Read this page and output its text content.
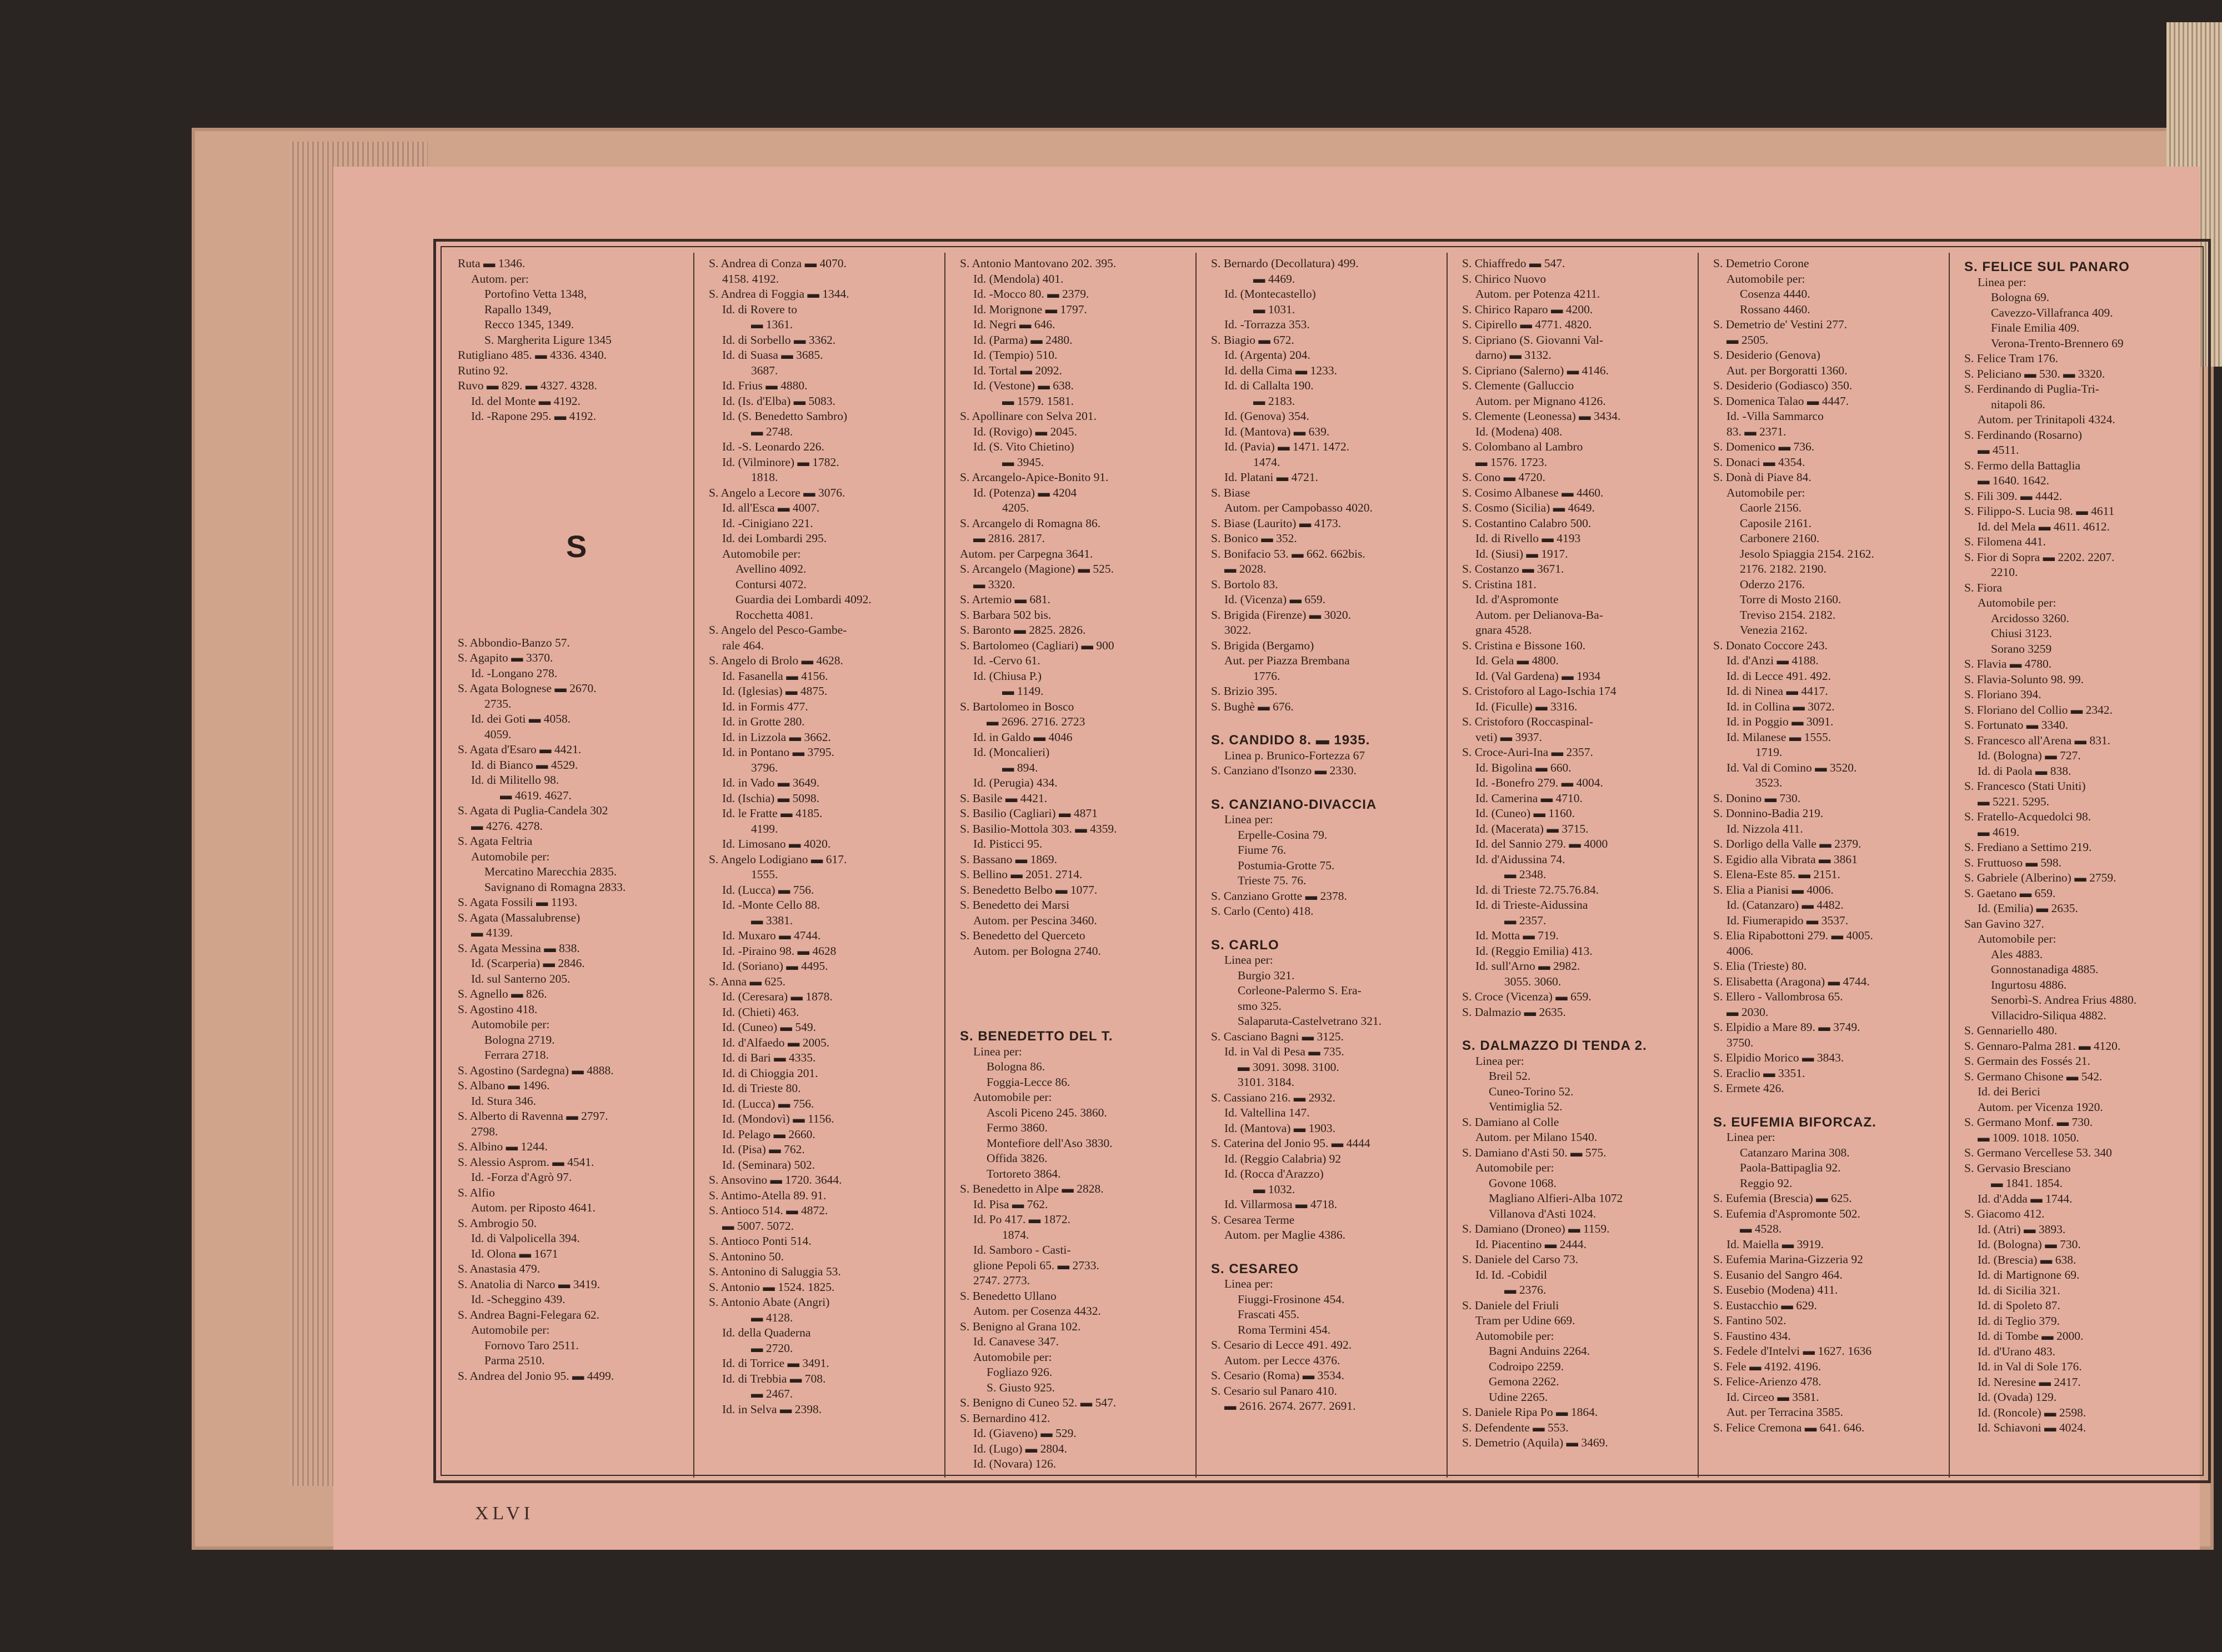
Ruta ▬ 1346.
Autom. per:
Portofino Vetta 1348,
Rapallo 1349,
Recco 1345, 1349.
S. Margherita Ligure 1345
Rutigliano 485. ▬ 4336. 4340.
Rutino 92.
Ruvo ▬ 829. ▬ 4327. 4328.
Id. del Monte ▬ 4192.
Id. -Rapone 295. ▬ 4192.
S
S. Abbondio-Banzo 57.
S. Agapito ▬ 3370.
Id. -Longano 278.
S. Agata Bolognese ▬ 2670.
2735.
Id. dei Goti ▬ 4058.
4059.
S. Agata d'Esaro ▬ 4421.
Id. di Bianco ▬ 4529.
Id. di Militello 98.
▬ 4619. 4627.
S. Agata di Puglia-Candela 302
▬ 4276. 4278.
S. Agata Feltria
Automobile per:
Mercatino Marecchia 2835.
Savignano di Romagna 2833.
S. Agata Fossili ▬ 1193.
S. Agata (Massalubrense)
▬ 4139.
S. Agata Messina ▬ 838.
Id. (Scarperia) ▬ 2846.
Id. sul Santerno 205.
S. Agnello ▬ 826.
S. Agostino 418.
Automobile per:
Bologna 2719.
Ferrara 2718.
S. Agostino (Sardegna) ▬ 4888.
S. Albano ▬ 1496.
Id. Stura 346.
S. Alberto di Ravenna ▬ 2797.
2798.
S. Albino ▬ 1244.
S. Alessio Asprom. ▬ 4541.
Id. -Forza d'Agrò 97.
S. Alfio
Autom. per Riposto 4641.
S. Ambrogio 50.
Id. di Valpolicella 394.
Id. Olona ▬ 1671
S. Anastasia 479.
S. Anatolia di Narco ▬ 3419.
Id. -Scheggino 439.
S. Andrea Bagni-Felegara 62.
Automobile per:
Fornovo Taro 2511.
Parma 2510.
S. Andrea del Jonio 95. ▬ 4499.
S. Andrea di Conza ▬ 4070.
4158. 4192.
S. Andrea di Foggia ▬ 1344.
Id. di Rovere to
▬ 1361.
Id. di Sorbello ▬ 3362.
Id. di Suasa ▬ 3685.
3687.
Id. Frius ▬ 4880.
Id. (Is. d'Elba) ▬ 5083.
Id. (S. Benedetto Sambro)
▬ 2748.
Id. -S. Leonardo 226.
Id. (Vilminore) ▬ 1782.
1818.
S. Angelo a Lecore ▬ 3076.
Id. all'Esca ▬ 4007.
Id. -Cinigiano 221.
Id. dei Lombardi 295.
Automobile per:
Avellino 4092.
Contursi 4072.
Guardia dei Lombardi 4092.
Rocchetta 4081.
S. Angelo del Pesco-Gambe-
rale 464.
S. Angelo di Brolo ▬ 4628.
Id. Fasanella ▬ 4156.
Id. (Iglesias) ▬ 4875.
Id. in Formis 477.
Id. in Grotte 280.
Id. in Lizzola ▬ 3662.
Id. in Pontano ▬ 3795.
3796.
Id. in Vado ▬ 3649.
Id. (Ischia) ▬ 5098.
Id. le Fratte ▬ 4185.
4199.
Id. Limosano ▬ 4020.
S. Angelo Lodigiano ▬ 617.
1555.
Id. (Lucca) ▬ 756.
Id. -Monte Cello 88.
▬ 3381.
Id. Muxaro ▬ 4744.
Id. -Piraino 98. ▬ 4628
Id. (Soriano) ▬ 4495.
S. Anna ▬ 625.
Id. (Ceresara) ▬ 1878.
Id. (Chieti) 463.
Id. (Cuneo) ▬ 549.
Id. d'Alfaedo ▬ 2005.
Id. di Bari ▬ 4335.
Id. di Chioggia 201.
Id. di Trieste 80.
Id. (Lucca) ▬ 756.
Id. (Mondovì) ▬ 1156.
Id. Pelago ▬ 2660.
Id. (Pisa) ▬ 762.
Id. (Seminara) 502.
S. Ansovino ▬ 1720. 3644.
S. Antimo-Atella 89. 91.
S. Antioco 514. ▬ 4872.
▬ 5007. 5072.
S. Antioco Ponti 514.
S. Antonino 50.
S. Antonino di Saluggia 53.
S. Antonio ▬ 1524. 1825.
S. Antonio Abate (Angri)
▬ 4128.
Id. della Quaderna
▬ 2720.
Id. di Torrice ▬ 3491.
Id. di Trebbia ▬ 708.
▬ 2467.
Id. in Selva ▬ 2398.
S. Antonio Mantovano 202. 395.
Id. (Mendola) 401.
Id. -Mocco 80. ▬ 2379.
Id. Morignone ▬ 1797.
Id. Negri ▬ 646.
Id. (Parma) ▬ 2480.
Id. (Tempio) 510.
Id. Tortal ▬ 2092.
Id. (Vestone) ▬ 638.
▬ 1579. 1581.
S. Apollinare con Selva 201.
Id. (Rovigo) ▬ 2045.
Id. (S. Vito Chietino)
▬ 3945.
S. Arcangelo-Apice-Bonito 91.
Id. (Potenza) ▬ 4204
4205.
S. Arcangelo di Romagna 86.
▬ 2816. 2817.
Autom. per Carpegna 3641.
S. Arcangelo (Magione) ▬ 525.
▬ 3320.
S. Artemio ▬ 681.
S. Barbara 502 bis.
S. Baronto ▬ 2825. 2826.
S. Bartolomeo (Cagliari) ▬ 900
Id. -Cervo 61.
Id. (Chiusa P.)
▬ 1149.
S. Bartolomeo in Bosco
▬ 2696. 2716. 2723
Id. in Galdo ▬ 4046
Id. (Moncalieri)
▬ 894.
Id. (Perugia) 434.
S. Basile ▬ 4421.
S. Basilio (Cagliari) ▬ 4871
S. Basilio-Mottola 303. ▬ 4359.
Id. Pisticci 95.
S. Bassano ▬ 1869.
S. Bellino ▬ 2051. 2714.
S. Benedetto Belbo ▬ 1077.
S. Benedetto dei Marsi
Autom. per Pescina 3460.
S. Benedetto del Querceto
Autom. per Bologna 2740.
S. BENEDETTO DEL T.
Linea per:
Bologna 86.
Foggia-Lecce 86.
Automobile per:
Ascoli Piceno 245. 3860.
Fermo 3860.
Montefiore dell'Aso 3830.
Offida 3826.
Tortoreto 3864.
S. Benedetto in Alpe ▬ 2828.
Id. Pisa ▬ 762.
Id. Po 417. ▬ 1872.
1874.
Id. Samboro - Casti-
glione Pepoli 65. ▬ 2733.
2747. 2773.
S. Benedetto Ullano
Autom. per Cosenza 4432.
S. Benigno al Grana 102.
Id. Canavese 347.
Automobile per:
Fogliazo 926.
S. Giusto 925.
S. Benigno di Cuneo 52. ▬ 547.
S. Bernardino 412.
Id. (Giaveno) ▬ 529.
Id. (Lugo) ▬ 2804.
Id. (Novara) 126.
S. Bernardo (Decollatura) 499.
▬ 4469.
Id. (Montecastello)
▬ 1031.
Id. -Torrazza 353.
S. Biagio ▬ 672.
Id. (Argenta) 204.
Id. della Cima ▬ 1233.
Id. di Callalta 190.
▬ 2183.
Id. (Genova) 354.
Id. (Mantova) ▬ 639.
Id. (Pavia) ▬ 1471. 1472.
1474.
Id. Platani ▬ 4721.
S. Biase
Autom. per Campobasso 4020.
S. Biase (Laurito) ▬ 4173.
S. Bonico ▬ 352.
S. Bonifacio 53. ▬ 662. 662bis.
▬ 2028.
S. Bortolo 83.
Id. (Vicenza) ▬ 659.
S. Brigida (Firenze) ▬ 3020.
3022.
S. Brigida (Bergamo)
Aut. per Piazza Brembana
1776.
S. Brizio 395.
S. Bughè ▬ 676.
S. CANDIDO 8. ▬ 1935.
Linea p. Brunico-Fortezza 67
S. Canziano d'Isonzo ▬ 2330.
S. CANZIANO-DIVACCIA
Linea per:
Erpelle-Cosina 79.
Fiume 76.
Postumia-Grotte 75.
Trieste 75. 76.
S. Canziano Grotte ▬ 2378.
S. Carlo (Cento) 418.
S. CARLO
Linea per:
Burgio 321.
Corleone-Palermo S. Era-
smo 325.
Salaparuta-Castelvetrano 321.
S. Casciano Bagni ▬ 3125.
Id. in Val di Pesa ▬ 735.
▬ 3091. 3098. 3100.
3101. 3184.
S. Cassiano 216. ▬ 2932.
Id. Valtellina 147.
Id. (Mantova) ▬ 1903.
S. Caterina del Jonio 95. ▬ 4444
Id. (Reggio Calabria) 92
Id. (Rocca d'Arazzo)
▬ 1032.
Id. Villarmosa ▬ 4718.
S. Cesarea Terme
Autom. per Maglie 4386.
S. CESAREO
Linea per:
Fiuggi-Frosinone 454.
Frascati 455.
Roma Termini 454.
S. Cesario di Lecce 491. 492.
Autom. per Lecce 4376.
S. Cesario (Roma) ▬ 3534.
S. Cesario sul Panaro 410.
▬ 2616. 2674. 2677. 2691.
S. Chiaffredo ▬ 547.
S. Chirico Nuovo
Autom. per Potenza 4211.
S. Chirico Raparo ▬ 4200.
S. Cipirello ▬ 4771. 4820.
S. Cipriano (S. Giovanni Val-
darno) ▬ 3132.
S. Cipriano (Salerno) ▬ 4146.
S. Clemente (Galluccio
Autom. per Mignano 4126.
S. Clemente (Leonessa) ▬ 3434.
Id. (Modena) 408.
S. Colombano al Lambro
▬ 1576. 1723.
S. Cono ▬ 4720.
S. Cosimo Albanese ▬ 4460.
S. Cosmo (Sicilia) ▬ 4649.
S. Costantino Calabro 500.
Id. di Rivello ▬ 4193
Id. (Siusi) ▬ 1917.
S. Costanzo ▬ 3671.
S. Cristina 181.
Id. d'Aspromonte
Autom. per Delianova-Ba-
gnara 4528.
S. Cristina e Bissone 160.
Id. Gela ▬ 4800.
Id. (Val Gardena) ▬ 1934
S. Cristoforo al Lago-Ischia 174
Id. (Ficulle) ▬ 3316.
S. Cristoforo (Roccaspinal-
veti) ▬ 3937.
S. Croce-Auri-Ina ▬ 2357.
Id. Bigolina ▬ 660.
Id. -Bonefro 279. ▬ 4004.
Id. Camerina ▬ 4710.
Id. (Cuneo) ▬ 1160.
Id. (Macerata) ▬ 3715.
Id. del Sannio 279. ▬ 4000
Id. d'Aidussina 74.
▬ 2348.
Id. di Trieste 72.75.76.84.
Id. di Trieste-Aidussina
▬ 2357.
Id. Motta ▬ 719.
Id. (Reggio Emilia) 413.
Id. sull'Arno ▬ 2982.
3055. 3060.
S. Croce (Vicenza) ▬ 659.
S. Dalmazio ▬ 2635.
S. DALMAZZO DI TENDA 2.
Linea per:
Breil 52.
Cuneo-Torino 52.
Ventimiglia 52.
S. Damiano al Colle
Autom. per Milano 1540.
S. Damiano d'Asti 50. ▬ 575.
Automobile per:
Govone 1068.
Magliano Alfieri-Alba 1072
Villanova d'Asti 1024.
S. Damiano (Droneo) ▬ 1159.
Id. Piacentino ▬ 2444.
S. Daniele del Carso 73.
Id. Id. -Cobidil
▬ 2376.
S. Daniele del Friuli
Tram per Udine 669.
Automobile per:
Bagni Anduins 2264.
Codroipo 2259.
Gemona 2262.
Udine 2265.
S. Daniele Ripa Po ▬ 1864.
S. Defendente ▬ 553.
S. Demetrio (Aquila) ▬ 3469.
S. Demetrio Corone
Automobile per:
Cosenza 4440.
Rossano 4460.
S. Demetrio de' Vestini 277.
▬ 2505.
S. Desiderio (Genova)
Aut. per Borgoratti 1360.
S. Desiderio (Godiasco) 350.
S. Domenica Talao ▬ 4447.
Id. -Villa Sammarco
83. ▬ 2371.
S. Domenico ▬ 736.
S. Donaci ▬ 4354.
S. Donà di Piave 84.
Automobile per:
Caorle 2156.
Caposile 2161.
Carbonere 2160.
Jesolo Spiaggia 2154. 2162.
2176. 2182. 2190.
Oderzo 2176.
Torre di Mosto 2160.
Treviso 2154. 2182.
Venezia 2162.
S. Donato Coccore 243.
Id. d'Anzi ▬ 4188.
Id. di Lecce 491. 492.
Id. di Ninea ▬ 4417.
Id. in Collina ▬ 3072.
Id. in Poggio ▬ 3091.
Id. Milanese ▬ 1555.
1719.
Id. Val di Comino ▬ 3520.
3523.
S. Donino ▬ 730.
S. Donnino-Badia 219.
Id. Nizzola 411.
S. Dorligo della Valle ▬ 2379.
S. Egidio alla Vibrata ▬ 3861
S. Elena-Este 85. ▬ 2151.
S. Elia a Pianisi ▬ 4006.
Id. (Catanzaro) ▬ 4482.
Id. Fiumerapido ▬ 3537.
S. Elia Ripabottoni 279. ▬ 4005.
4006.
S. Elia (Trieste) 80.
S. Elisabetta (Aragona) ▬ 4744.
S. Ellero - Vallombrosa 65.
▬ 2030.
S. Elpidio a Mare 89. ▬ 3749.
3750.
S. Elpidio Morico ▬ 3843.
S. Eraclio ▬ 3351.
S. Ermete 426.
S. EUFEMIA BIFORCAZ.
Linea per:
Catanzaro Marina 308.
Paola-Battipaglia 92.
Reggio 92.
S. Eufemia (Brescia) ▬ 625.
S. Eufemia d'Aspromonte 502.
▬ 4528.
Id. Maiella ▬ 3919.
S. Eufemia Marina-Gizzeria 92
S. Eusanio del Sangro 464.
S. Eusebio (Modena) 411.
S. Eustacchio ▬ 629.
S. Fantino 502.
S. Faustino 434.
S. Fedele d'Intelvi ▬ 1627. 1636
S. Fele ▬ 4192. 4196.
S. Felice-Arienzo 478.
Id. Circeo ▬ 3581.
Aut. per Terracina 3585.
S. Felice Cremona ▬ 641. 646.
S. FELICE SUL PANARO
Linea per:
Bologna 69.
Cavezzo-Villafranca 409.
Finale Emilia 409.
Verona-Trento-Brennero 69
S. Felice Tram 176.
S. Peliciano ▬ 530. ▬ 3320.
S. Ferdinando di Puglia-Tri-
nitapoli 86.
Autom. per Trinitapoli 4324.
S. Ferdinando (Rosarno)
▬ 4511.
S. Fermo della Battaglia
▬ 1640. 1642.
S. Fili 309. ▬ 4442.
S. Filippo-S. Lucia 98. ▬ 4611
Id. del Mela ▬ 4611. 4612.
S. Filomena 441.
S. Fior di Sopra ▬ 2202. 2207.
2210.
S. Fiora
Automobile per:
Arcidosso 3260.
Chiusi 3123.
Sorano 3259
S. Flavia ▬ 4780.
S. Flavia-Solunto 98. 99.
S. Floriano 394.
S. Floriano del Collio ▬ 2342.
S. Fortunato ▬ 3340.
S. Francesco all'Arena ▬ 831.
Id. (Bologna) ▬ 727.
Id. di Paola ▬ 838.
S. Francesco (Stati Uniti)
▬ 5221. 5295.
S. Fratello-Acquedolci 98.
▬ 4619.
S. Frediano a Settimo 219.
S. Fruttuoso ▬ 598.
S. Gabriele (Alberino) ▬ 2759.
S. Gaetano ▬ 659.
Id. (Emilia) ▬ 2635.
San Gavino 327.
Automobile per:
Ales 4883.
Gonnostanadiga 4885.
Ingurtosu 4886.
Senorbì-S. Andrea Frius 4880.
Villacidro-Siliqua 4882.
S. Gennariello 480.
S. Gennaro-Palma 281. ▬ 4120.
S. Germain des Fossés 21.
S. Germano Chisone ▬ 542.
Id. dei Berici
Autom. per Vicenza 1920.
S. Germano Monf. ▬ 730.
▬ 1009. 1018. 1050.
S. Germano Vercellese 53. 340
S. Gervasio Bresciano
▬ 1841. 1854.
Id. d'Adda ▬ 1744.
S. Giacomo 412.
Id. (Atri) ▬ 3893.
Id. (Bologna) ▬ 730.
Id. (Brescia) ▬ 638.
Id. di Martignone 69.
Id. di Sicilia 321.
Id. di Spoleto 87.
Id. di Teglio 379.
Id. di Tombe ▬ 2000.
Id. d'Urano 483.
Id. in Val di Sole 176.
Id. Neresine ▬ 2417.
Id. (Ovada) 129.
Id. (Roncole) ▬ 2598.
Id. Schiavoni ▬ 4024.
XLVI
